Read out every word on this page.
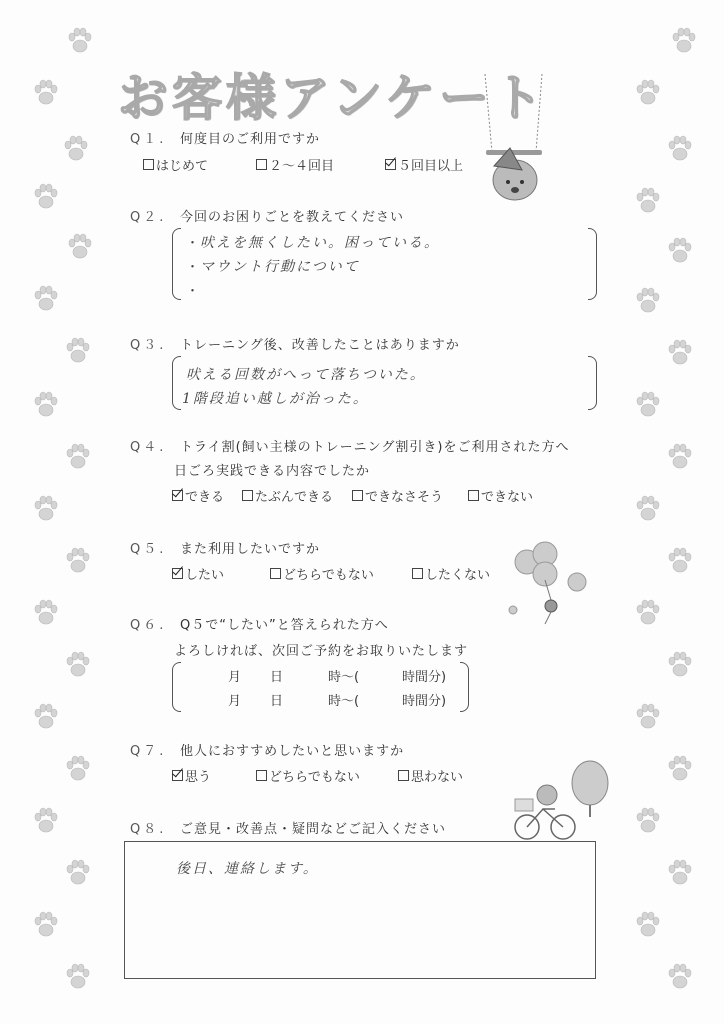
お客様アンケート
Q１. 何度目のご利用ですか
はじめて	２～４回目	５回目以上
Q２. 今回のお困りごとを教えてください
・ 吠えを無くしたい。困っている。
・ マウント行動について
・
Q３. トレーニング後、改善したことはありますか
吠える回数がへって落ちついた。
1階段追い越しが治った。
Q４. トライ割(飼い主様のトレーニング割引き)をご利用された方へ
日ごろ実践できる内容でしたか
できる	たぶんできる	できなさそう	できない
Q５. また利用したいですか
したい	どちらでもない	したくない
Q６. Q５で“したい”と答えられた方へ
よろしければ、次回ご予約をお取りいたします
月 日	時～(	時間分)
月 日	時～(	時間分)
Q７. 他人におすすめしたいと思いますか
思う	どちらでもない	思わない
Q８. ご意見・改善点・疑問などご記入ください
後日、連絡します。
